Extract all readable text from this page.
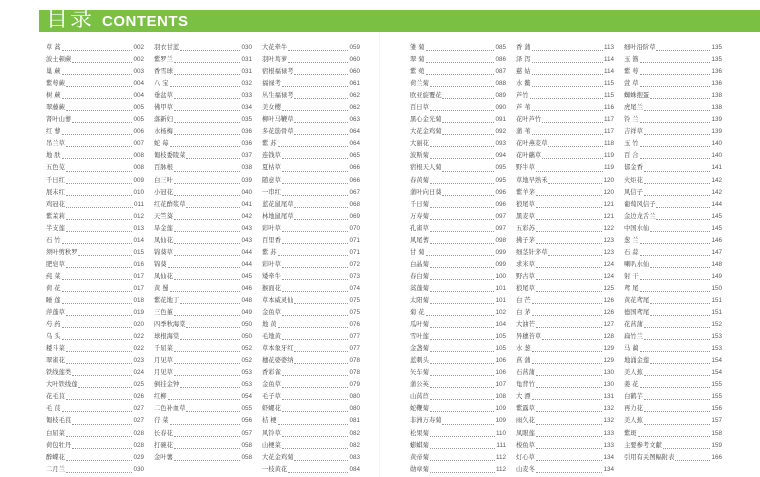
目录 CONTENTS
草 蒿	002
波士顿蕨	002
巢 蕨	003
紫萼蕨	004
树 蕨	004
翠藤蕨	005
肾叶山蓼	005
红 蓼	006
吊兰草	007
地 肤	008
五色苋	008
千日红	009
展未红	010
鸡冠花	011
紫茉莉	012
半支莲	013
石 竹	014
须叶剪秋罗	015
肥皂草	016
莼 菜	017
荷 花	017
睡 莲	018
萍蓬草	019
芍 药	020
乌 头	022
耧斗菜	022
翠雀花	023
铁线莲类	024
大叶铁线莲	025
花毛茛	026
毛 茛	027
匍枝毛茛	027
白屈菜	028
荷包牡丹	028
醉蝶花	029
二月兰	030
羽衣甘蓝	030
紫罗兰	031
香雪球	031
八 宝	032
垂盆草	033
佛甲草	034
落新妇	035
水杨梅	036
蛇 莓	036
匍枝委陵菜	037
百脉根	038
白三叶	039
小冠花	040
红花酢浆草	041
天竺葵	042
旱金莲	043
凤仙花	043
锦葵草	044
锦葵	044
凤仙花	045
黄 蜀	046
紫花地丁	048
三色堇	049
四季秋海棠	050
球根海棠	050
千屈菜	052
月见草	052
月见草	053
倒挂金钟	053
红柳	054
二色补血草	055
荇 菜	056
长春花	057
打碗花	058
金叶薯	058
大花牵牛	059
羽叶茑萝	060
宿根福禄考	060
福禄考	061
丛生福禄考	062
美女樱	062
柳叶马鞭草	063
多花筋骨草	064
紫 苏	064
连钱草	065
夏枯草	066
随意草	066
一串红	067
蓝花鼠尾草	068
林地鼠尾草	069
彩叶草	070
百里香	071
紫 苏	071
彩叶草	072
矮牵牛	073
猴面花	074
草本威灵仙	075
金鱼草	075
地 黄	076
毛地黄	077
草本象牙红	077
穗花婆婆纳	078
香彩雀	078
金鱼草	079
毛子草	080
虾螺花	080
桔 梗	081
风铃草	082
山梗菜	082
大花金鸡菊	083
一枝黄花	084
雏 菊	085
翠 菊	086
紫 菀	087
荷兰菊	088
欧亚旋覆花	089
百日草	090
黑心金光菊	091
大花金鸡菊	092
大丽花	093
波斯菊	094
宿根天人菊	095
春黄菊	095
蒲叶向日葵	096
千日菊	096
万寿菊	097
孔雀草	097
风尾蓍	098
甘 菊	099
白晶菊	099
春白菊	100
蒿蓬菊	101
太阳菊	101
菊 花	102
瓜叶菊	104
雪叶莲	105
金盏菊	105
蓝刺头	106
矢车菊	106
蒲公英	107
山莴苣	108
蛇鞭菊	109
非洲万寿菊	109
松果菊	110
蟛蜞菊	111
黄帝菊	112
勋章菊	112
香 蒲	113
泽 泻	114
慈 姑	114
水 鳖	115
芦竹	115
芦 苇	116
花叶芦竹	117
蒲 苇	117
花叶燕麦草	118
花叶虉草	119
野牛草	119
草地早熟禾	120
紫羊茅	120
狼尾草	121
黑麦草	121
五彩苏	122
拂子茅	123
细茎针茅草	123
求米草	124
野古草	124
狼尾草	125
白 芒	126
白 茅	126
大油芒	127
异穗苔草	128
水 葱	129
菖 蒲	129
石菖蒲	130
龟背竹	130
大 漂	131
紫露草	132
雨久花	132
凤眼莲	133
梭鱼草	133
灯心草	134
山麦冬	134
细叶沿阶草	135
玉 簪	135
紫 萼	136
萱 草	136
蜘蛛抱蛋	138
虎尾兰	138
铃 兰	139
吉祥草	139
玉 竹	140
百 合	140
郁金香	141
火炬花	142
风信子	142
葡萄风信子	144
金边龙舌兰	145
中国水仙	145
葱 兰	146
石 蒜	147
喇叭水仙	148
射 干	149
鸢 尾	150
黄花鸢尾	151
德国鸢尾	151
花菖蒲	152
扁竹兰	153
马 蔺	153
地涌金莲	154
美人蕉	154
姜 花	155
白鹤芋	155
再力花	156
美人蕉	157
紫斑	158
主要参考文献	159
引用有关图幅附表	166
